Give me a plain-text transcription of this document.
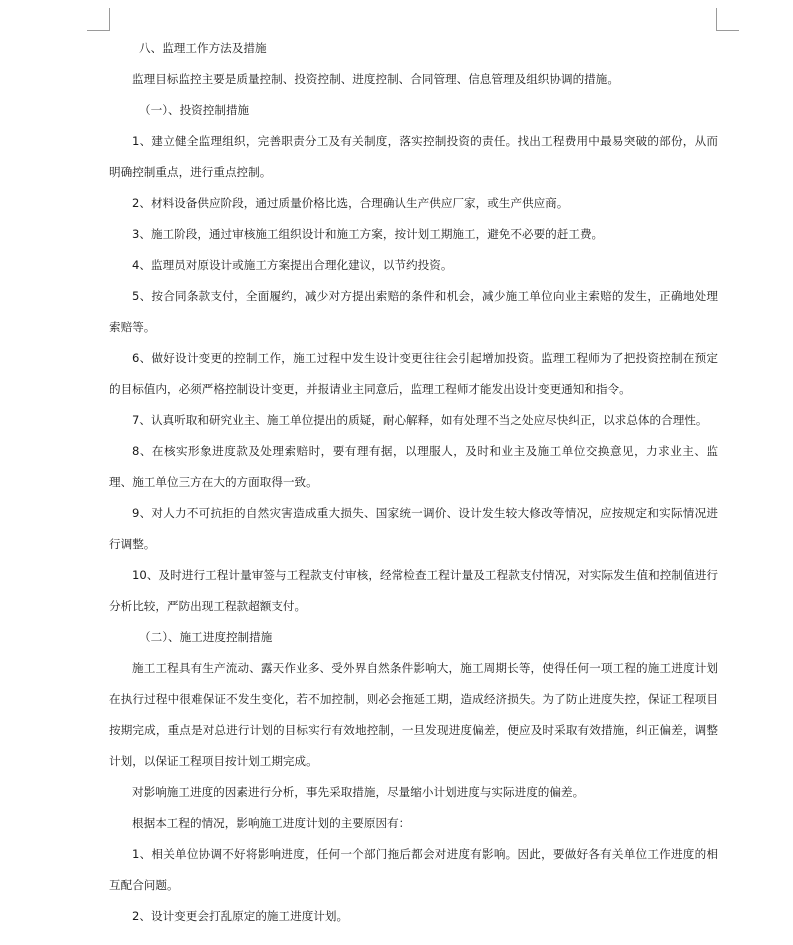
八、监理工作方法及措施

监理目标监控主要是质量控制、投资控制、进度控制、合同管理、信息管理及组织协调的措施。

（一）、投资控制措施

1、建立健全监理组织，完善职责分工及有关制度，落实控制投资的责任。找出工程费用中最易突破的部份，从而明确控制重点，进行重点控制。

2、材料设备供应阶段，通过质量价格比选，合理确认生产供应厂家，或生产供应商。

3、施工阶段，通过审核施工组织设计和施工方案，按计划工期施工，避免不必要的赶工费。

4、监理员对原设计或施工方案提出合理化建议，以节约投资。

5、按合同条款支付，全面履约，减少对方提出索赔的条件和机会，减少施工单位向业主索赔的发生，正确地处理索赔等。

6、做好设计变更的控制工作，施工过程中发生设计变更往往会引起增加投资。监理工程师为了把投资控制在预定的目标值内，必须严格控制设计变更，并报请业主同意后，监理工程师才能发出设计变更通知和指令。

7、认真听取和研究业主、施工单位提出的质疑，耐心解释，如有处理不当之处应尽快纠正，以求总体的合理性。

8、在核实形象进度款及处理索赔时，要有理有据，以理服人，及时和业主及施工单位交换意见，力求业主、监理、施工单位三方在大的方面取得一致。

9、对人力不可抗拒的自然灾害造成重大损失、国家统一调价、设计发生较大修改等情况，应按规定和实际情况进行调整。

10、及时进行工程计量审签与工程款支付审核，经常检查工程计量及工程款支付情况，对实际发生值和控制值进行分析比较，严防出现工程款超额支付。

（二）、施工进度控制措施

施工工程具有生产流动、露天作业多、受外界自然条件影响大，施工周期长等，使得任何一项工程的施工进度计划在执行过程中很难保证不发生变化，若不加控制，则必会拖延工期，造成经济损失。为了防止进度失控，保证工程项目按期完成，重点是对总进行计划的目标实行有效地控制，一旦发现进度偏差，便应及时采取有效措施，纠正偏差，调整计划，以保证工程项目按计划工期完成。

对影响施工进度的因素进行分析，事先采取措施，尽量缩小计划进度与实际进度的偏差。

根据本工程的情况，影响施工进度计划的主要原因有：

1、相关单位协调不好将影响进度，任何一个部门拖后都会对进度有影响。因此，要做好各有关单位工作进度的相互配合问题。

2、设计变更会打乱原定的施工进度计划。
